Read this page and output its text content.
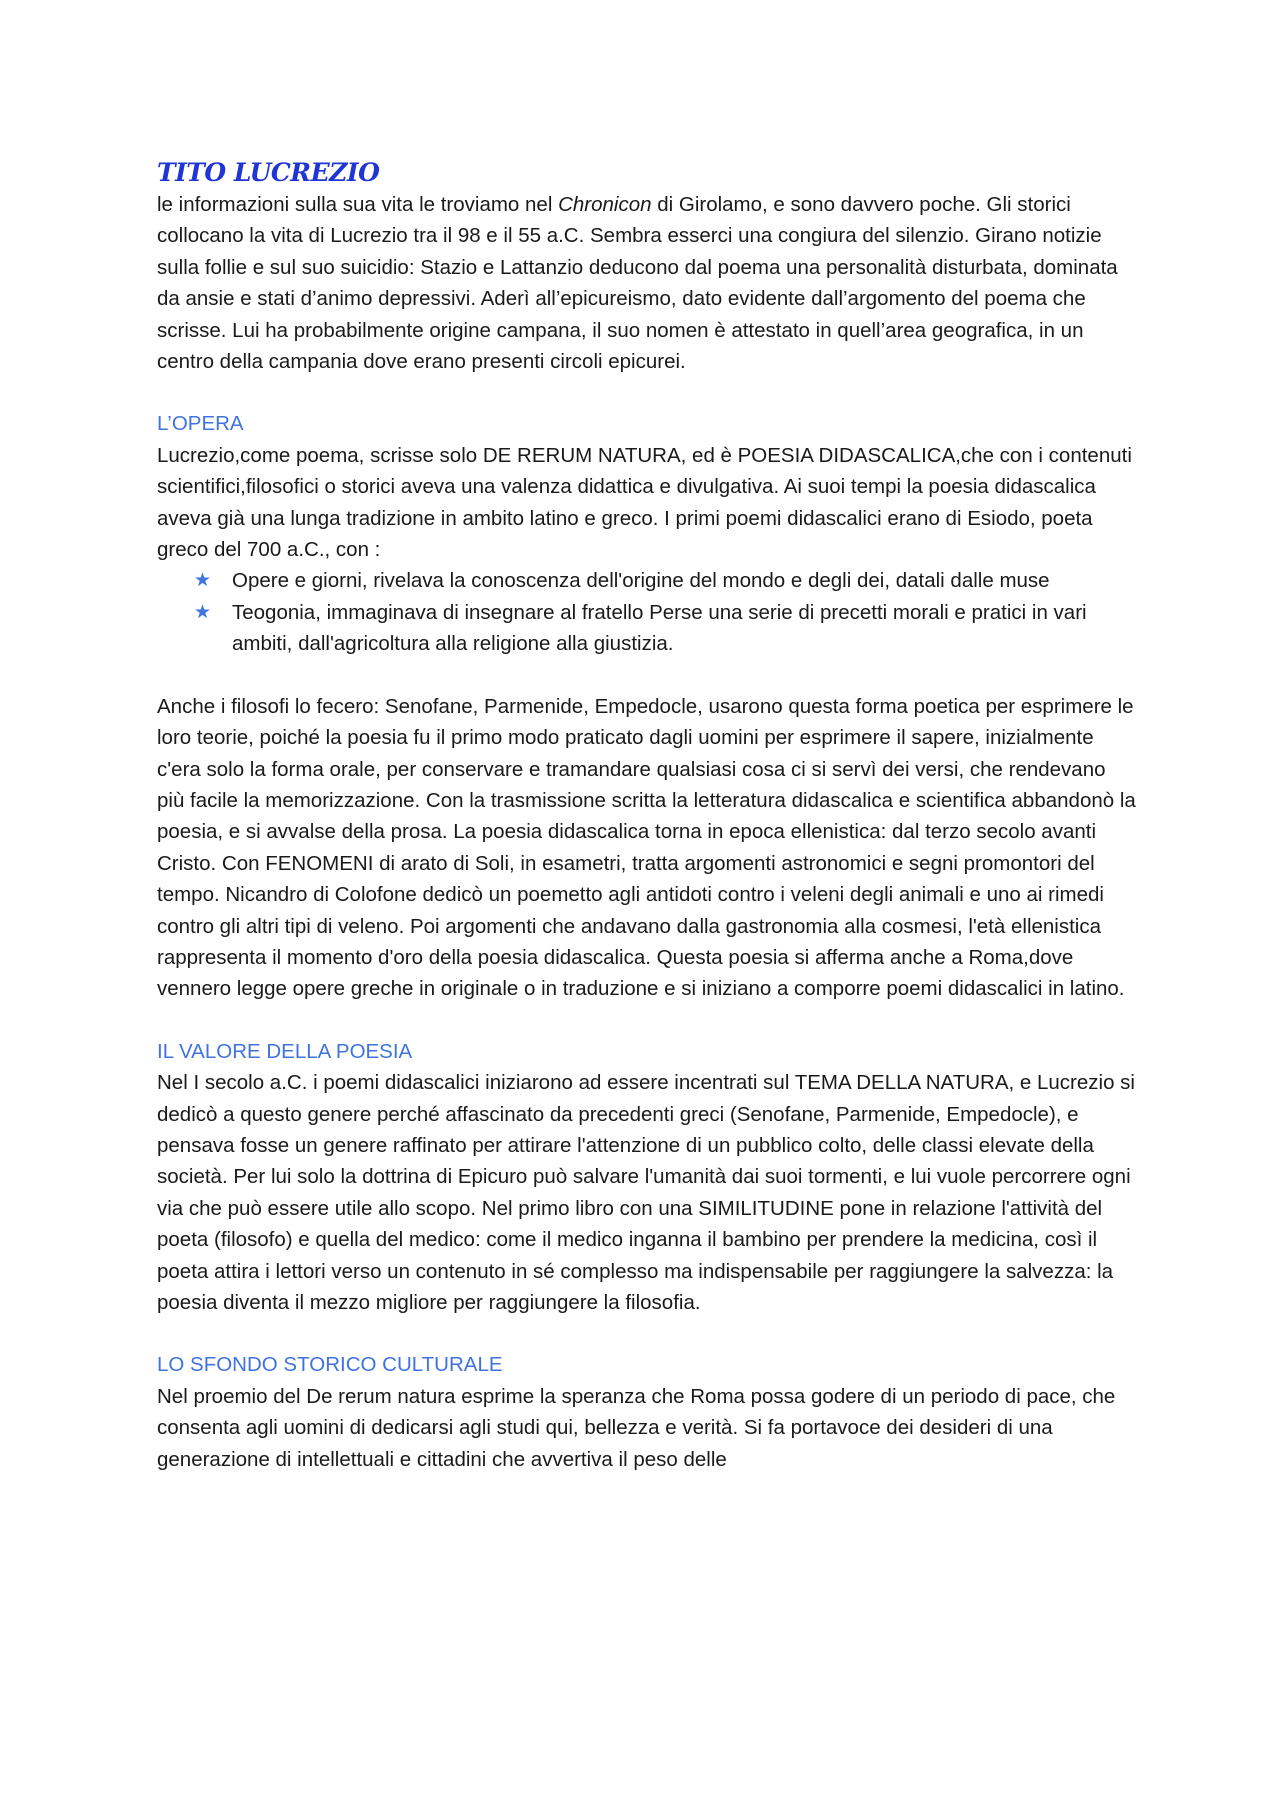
TITO LUCREZIO

le informazioni sulla sua vita le troviamo nel Chronicon di Girolamo, e sono davvero poche. Gli storici collocano la vita di Lucrezio tra il 98 e il 55 a.C. Sembra esserci una congiura del silenzio. Girano notizie sulla follie e sul suo suicidio: Stazio e Lattanzio deducono dal poema una personalità disturbata, dominata da ansie e stati d’animo depressivi. Aderì all’epicureismo, dato evidente dall’argomento del poema che scrisse. Lui ha probabilmente origine campana, il suo nomen è attestato in quell’area geografica, in un centro della campania dove erano presenti circoli epicurei.

L’OPERA

Lucrezio,come poema, scrisse solo DE RERUM NATURA, ed è POESIA DIDASCALICA,che con i contenuti scientifici,filosofici o storici aveva una valenza didattica e divulgativa. Ai suoi tempi la poesia didascalica aveva già una lunga tradizione in ambito latino e greco. I primi poemi didascalici erano di Esiodo, poeta greco del 700 a.C., con :

★ Opere e giorni, rivelava la conoscenza dell'origine del mondo e degli dei, datali dalle muse
★ Teogonia, immaginava di insegnare al fratello Perse una serie di precetti morali e pratici in vari ambiti, dall'agricoltura alla religione alla giustizia.

Anche i filosofi lo fecero: Senofane, Parmenide, Empedocle, usarono questa forma poetica per esprimere le loro teorie, poiché la poesia fu il primo modo praticato dagli uomini per esprimere il sapere, inizialmente c'era solo la forma orale, per conservare e tramandare qualsiasi cosa ci si servì dei versi, che rendevano più facile la memorizzazione. Con la trasmissione scritta la letteratura didascalica e scientifica abbandonò la poesia, e si avvalse della prosa. La poesia didascalica torna in epoca ellenistica: dal terzo secolo avanti Cristo. Con FENOMENI di arato di Soli, in esametri, tratta argomenti astronomici e segni promontori del tempo. Nicandro di Colofone dedicò un poemetto agli antidoti contro i veleni degli animali e uno ai rimedi contro gli altri tipi di veleno. Poi argomenti che andavano dalla gastronomia alla cosmesi, l'età ellenistica rappresenta il momento d'oro della poesia didascalica. Questa poesia si afferma anche a Roma,dove vennero legge opere greche in originale o in traduzione e si iniziano a comporre poemi didascalici in latino.

IL VALORE DELLA POESIA

Nel I secolo a.C. i poemi didascalici iniziarono ad essere incentrati sul TEMA DELLA NATURA, e Lucrezio si dedicò a questo genere perché affascinato da precedenti greci (Senofane, Parmenide, Empedocle), e pensava fosse un genere raffinato per attirare l'attenzione di un pubblico colto, delle classi elevate della società. Per lui solo la dottrina di Epicuro può salvare l'umanità dai suoi tormenti, e lui vuole percorrere ogni via che può essere utile allo scopo. Nel primo libro con una SIMILITUDINE pone in relazione l'attività del poeta (filosofo) e quella del medico: come il medico inganna il bambino per prendere la medicina, così il poeta attira i lettori verso un contenuto in sé complesso ma indispensabile per raggiungere la salvezza: la poesia diventa il mezzo migliore per raggiungere la filosofia.

LO SFONDO STORICO CULTURALE

Nel proemio del De rerum natura esprime la speranza che Roma possa godere di un periodo di pace, che consenta agli uomini di dedicarsi agli studi qui, bellezza e verità. Si fa portavoce dei desideri di una generazione di intellettuali e cittadini che avvertiva il peso delle
